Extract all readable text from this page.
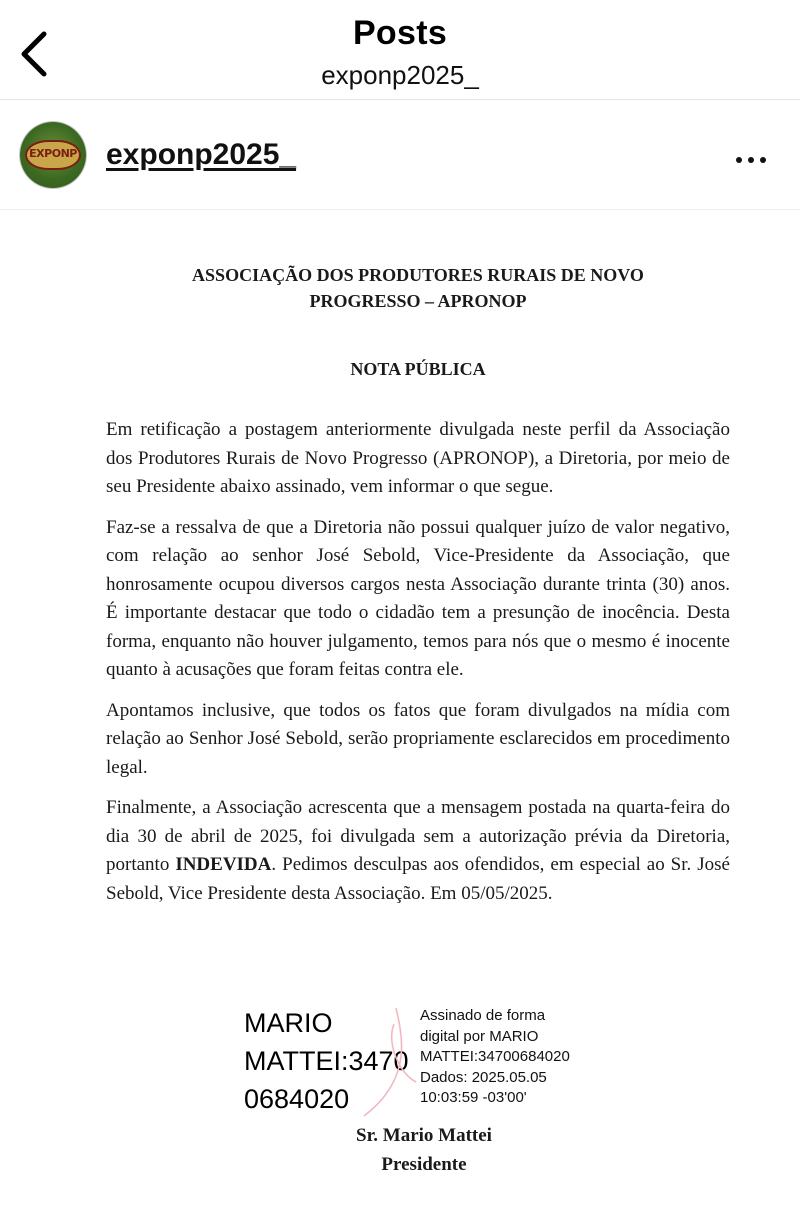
Posts
exponp2025_
EXPONP exponp2025_
ASSOCIAÇÃO DOS PRODUTORES RURAIS DE NOVO
PROGRESSO – APRONOP
NOTA PÚBLICA

Em retificação a postagem anteriormente divulgada neste perfil da Associação dos Produtores Rurais de Novo Progresso (APRONOP), a Diretoria, por meio de seu Presidente abaixo assinado, vem informar o que segue.

Faz-se a ressalva de que a Diretoria não possui qualquer juízo de valor negativo, com relação ao senhor José Sebold, Vice-Presidente da Associação, que honrosamente ocupou diversos cargos nesta Associação durante trinta (30) anos. É importante destacar que todo o cidadão tem a presunção de inocência. Desta forma, enquanto não houver julgamento, temos para nós que o mesmo é inocente quanto à acusações que foram feitas contra ele.

Apontamos inclusive, que todos os fatos que foram divulgados na mídia com relação ao Senhor José Sebold, serão propriamente esclarecidos em procedimento legal.

Finalmente, a Associação acrescenta que a mensagem postada na quarta-feira do dia 30 de abril de 2025, foi divulgada sem a autorização prévia da Diretoria, portanto INDEVIDA. Pedimos desculpas aos ofendidos, em especial ao Sr. José Sebold, Vice Presidente desta Associação. Em 05/05/2025.

MARIO
MATTEI:3470
0684020
Assinado de forma
digital por MARIO
MATTEI:34700684020
Dados: 2025.05.05
10:03:59 -03'00'
Sr. Mario Mattei
Presidente
